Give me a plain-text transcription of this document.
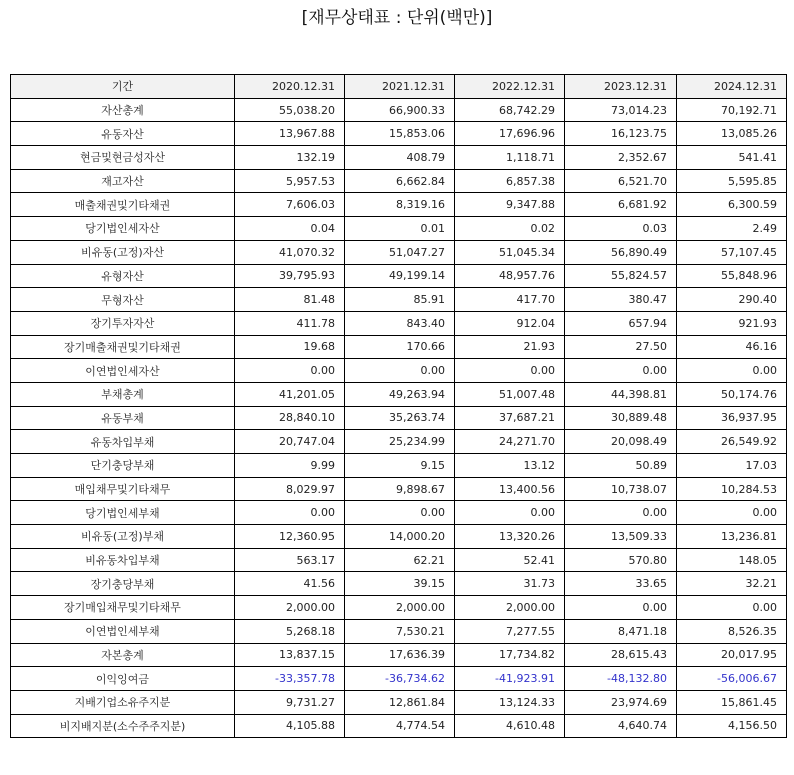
[재무상태표 : 단위(백만)]
기간	2020.12.31	2021.12.31	2022.12.31	2023.12.31	2024.12.31
자산총계	55,038.20	66,900.33	68,742.29	73,014.23	70,192.71
유동자산	13,967.88	15,853.06	17,696.96	16,123.75	13,085.26
현금및현금성자산	132.19	408.79	1,118.71	2,352.67	541.41
재고자산	5,957.53	6,662.84	6,857.38	6,521.70	5,595.85
매출채권및기타채권	7,606.03	8,319.16	9,347.88	6,681.92	6,300.59
당기법인세자산	0.04	0.01	0.02	0.03	2.49
비유동(고정)자산	41,070.32	51,047.27	51,045.34	56,890.49	57,107.45
유형자산	39,795.93	49,199.14	48,957.76	55,824.57	55,848.96
무형자산	81.48	85.91	417.70	380.47	290.40
장기투자자산	411.78	843.40	912.04	657.94	921.93
장기매출채권및기타채권	19.68	170.66	21.93	27.50	46.16
이연법인세자산	0.00	0.00	0.00	0.00	0.00
부채총계	41,201.05	49,263.94	51,007.48	44,398.81	50,174.76
유동부채	28,840.10	35,263.74	37,687.21	30,889.48	36,937.95
유동차입부채	20,747.04	25,234.99	24,271.70	20,098.49	26,549.92
단기충당부채	9.99	9.15	13.12	50.89	17.03
매입채무및기타채무	8,029.97	9,898.67	13,400.56	10,738.07	10,284.53
당기법인세부채	0.00	0.00	0.00	0.00	0.00
비유동(고정)부채	12,360.95	14,000.20	13,320.26	13,509.33	13,236.81
비유동차입부채	563.17	62.21	52.41	570.80	148.05
장기충당부채	41.56	39.15	31.73	33.65	32.21
장기매입채무및기타채무	2,000.00	2,000.00	2,000.00	0.00	0.00
이연법인세부채	5,268.18	7,530.21	7,277.55	8,471.18	8,526.35
자본총계	13,837.15	17,636.39	17,734.82	28,615.43	20,017.95
이익잉여금	-33,357.78	-36,734.62	-41,923.91	-48,132.80	-56,006.67
지배기업소유주지분	9,731.27	12,861.84	13,124.33	23,974.69	15,861.45
비지배지분(소수주주지분)	4,105.88	4,774.54	4,610.48	4,640.74	4,156.50
